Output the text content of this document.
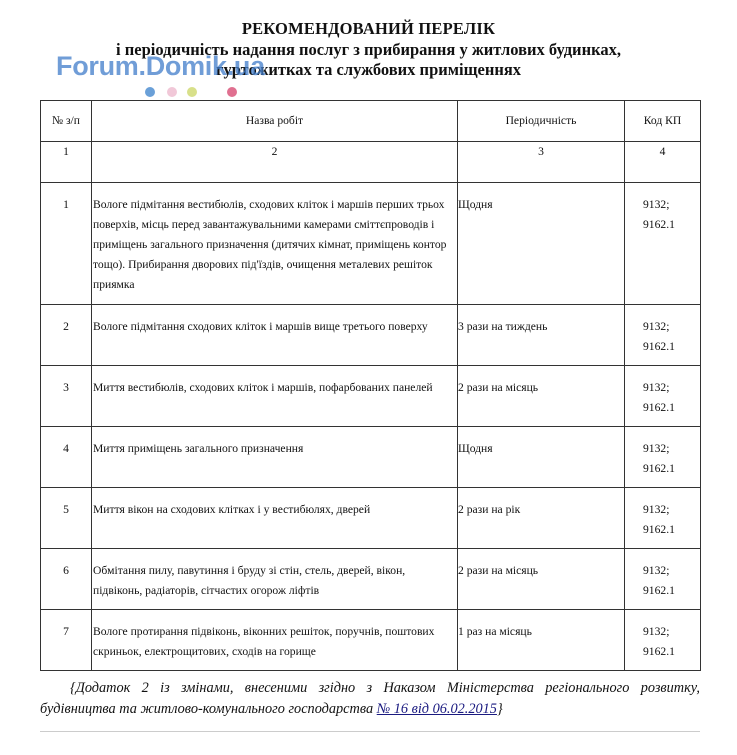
РЕКОМЕНДОВАНИЙ ПЕРЕЛІК
і періодичність надання послуг з прибирання у житлових будинках,
гуртожитках та службових приміщеннях
Forum.Domik.ua
№ з/п	Назва робіт	Періодичність	Код КП
1	2	3	4
1	Вологе підмітання вестибюлів, сходових кліток і маршів перших трьох поверхів, місць перед завантажувальними камерами сміттєпроводів і приміщень загального призначення (дитячих кімнат, приміщень контор тощо). Прибирання дворових під'їздів, очищення металевих решіток приямка	Щодня	9132;
9162.1

2	Вологе підмітання сходових кліток і маршів вище третього поверху	3 рази на тиждень	9132;
9162.1

3	Миття вестибюлів, сходових кліток і маршів, пофарбованих панелей	2 рази на місяць	9132;
9162.1

4	Миття приміщень загального призначення	Щодня	9132;
9162.1

5	Миття вікон на сходових клітках і у вестибюлях, дверей	2 рази на рік	9132;
9162.1

6	Обмітання пилу, павутиння і бруду зі стін, стель, дверей, вікон, підвіконь, радіаторів, сітчастих огорож ліфтів	2 рази на місяць	9132;
9162.1

7	Вологе протирання підвіконь, віконних решіток, поручнів, поштових скриньок, електрощитових, сходів на горище	1 раз на місяць	9132;
9162.1
{Додаток 2 із змінами, внесеними згідно з Наказом Міністерства регіонального розвитку, будівництва та житлово-комунального господарства № 16 від 06.02.2015}
